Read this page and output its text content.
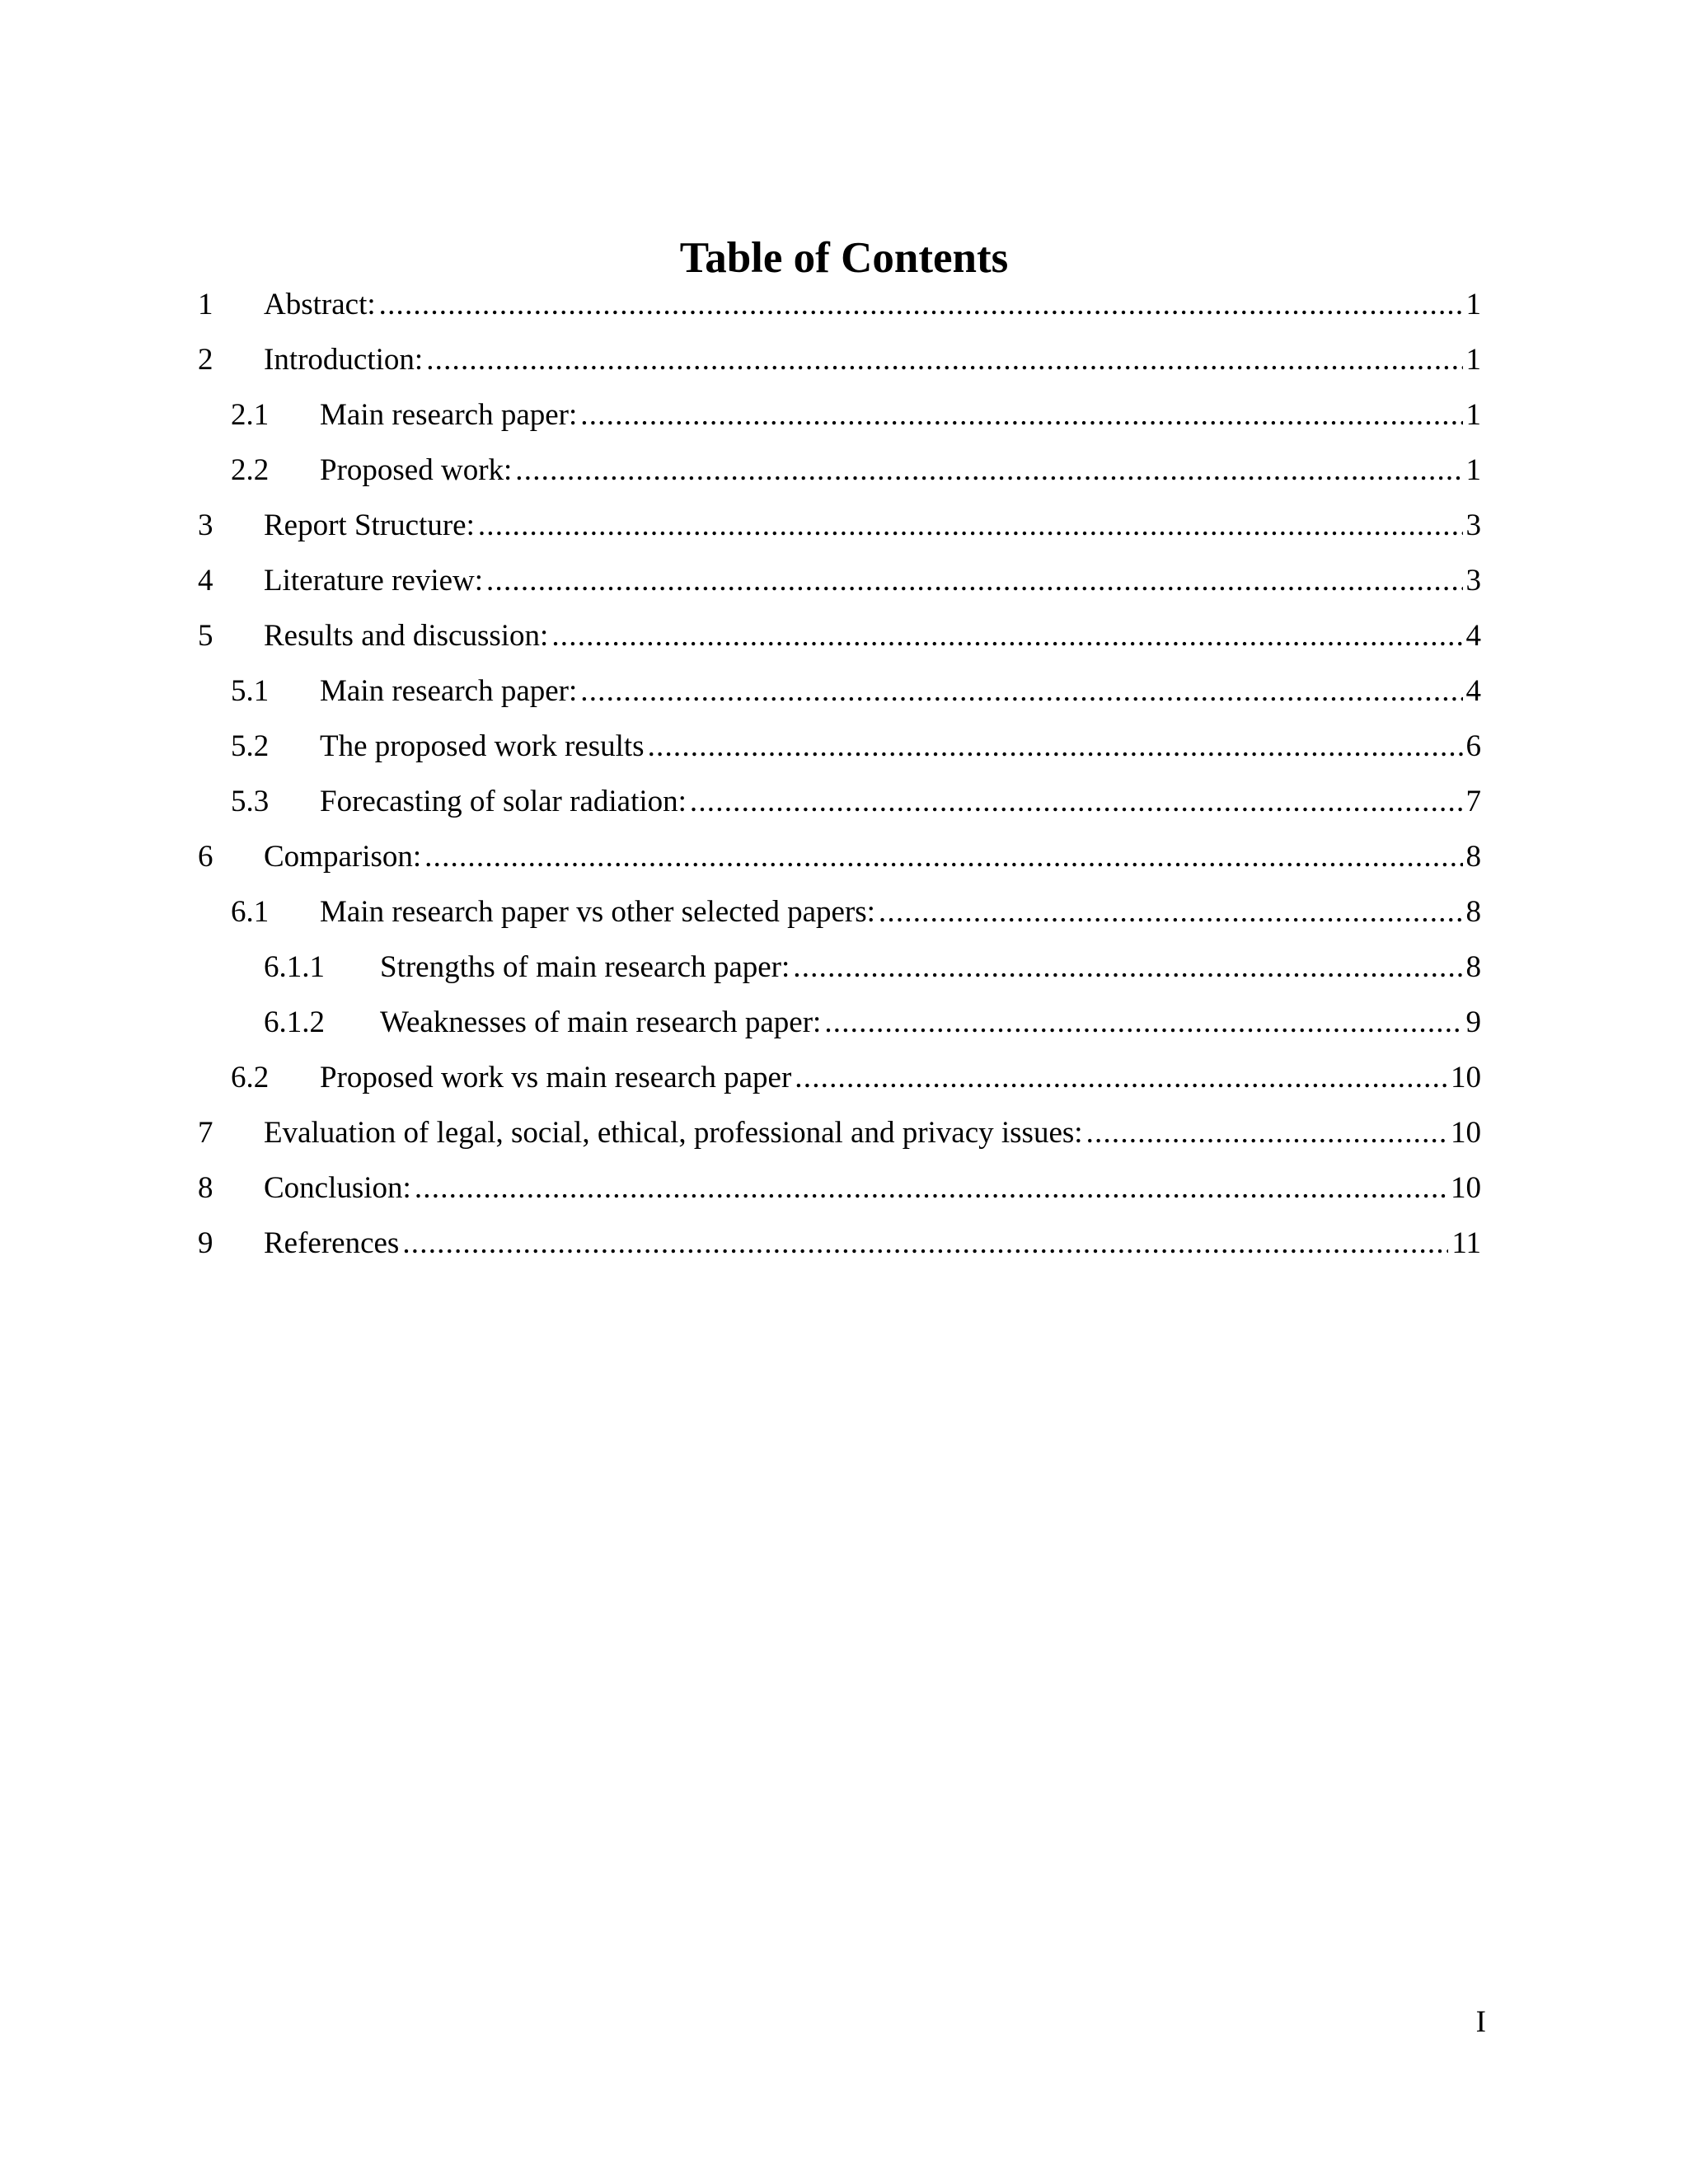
Table of Contents
1	Abstract: .....	1
2	Introduction: .....	1
2.1	Main research paper: .....	1
2.2	Proposed work: .....	1
3	Report Structure: .....	3
4	Literature review: .....	3
5	Results and discussion: .....	4
5.1	Main research paper: .....	4
5.2	The proposed work results .....	6
5.3	Forecasting of solar radiation: .....	7
6	Comparison: .....	8
6.1	Main research paper vs other selected papers: .....	8
6.1.1	Strengths of main research paper: .....	8
6.1.2	Weaknesses of main research paper: .....	9
6.2	Proposed work vs main research paper .....	10
7	Evaluation of legal, social, ethical, professional and privacy issues: .....	10
8	Conclusion: .....	10
9	References .....	11
I
